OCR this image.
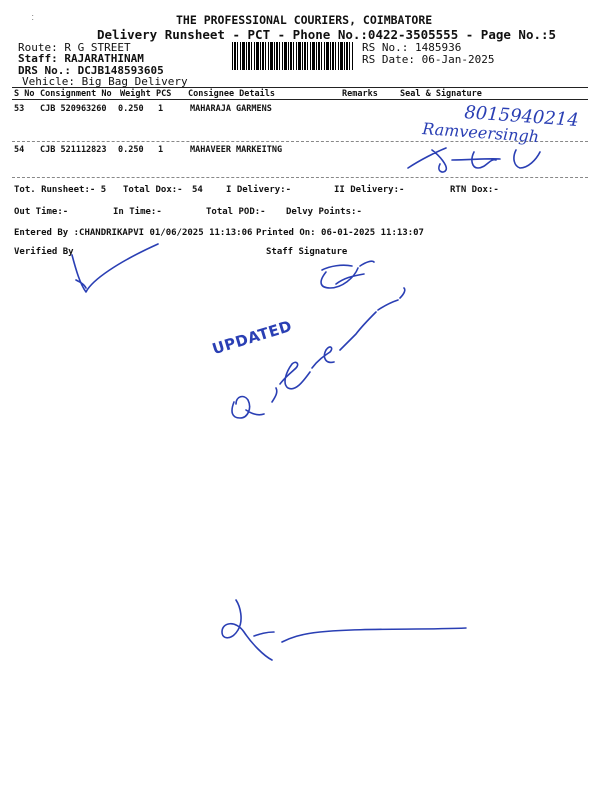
˸	THE PROFESSIONAL COURIERS, COIMBATORE
Delivery Runsheet - PCT - Phone No.:0422-3505555 - Page No.:5
Route: R G STREET
Staff: RAJARATHINAM
DRS No.: DCJB148593605
Vehicle: Big Bag Delivery
RS No.: 1485936
RS Date: 06-Jan-2025
S No Consignment No Weight PCS Consignee Details	Remarks	Seal & Signature
53 CJB 520963260 0.250 1	MAHARAJA GARMENS
54 CJB 521112823 0.250 1	MAHAVEER MARKEITNG
Tot. Runsheet:- 5 Total Dox:- 54	I Delivery:-	II Delivery:-	RTN Dox:-
Out Time:-	In Time:-	Total POD:- Delvy Points:-
Entered By :CHANDRIKAPVI 01/06/2025 11:13:06 Printed On: 06-01-2025 11:13:07
Verified By	Staff Signature
UPDATED
8015940214
Ramveersingh
